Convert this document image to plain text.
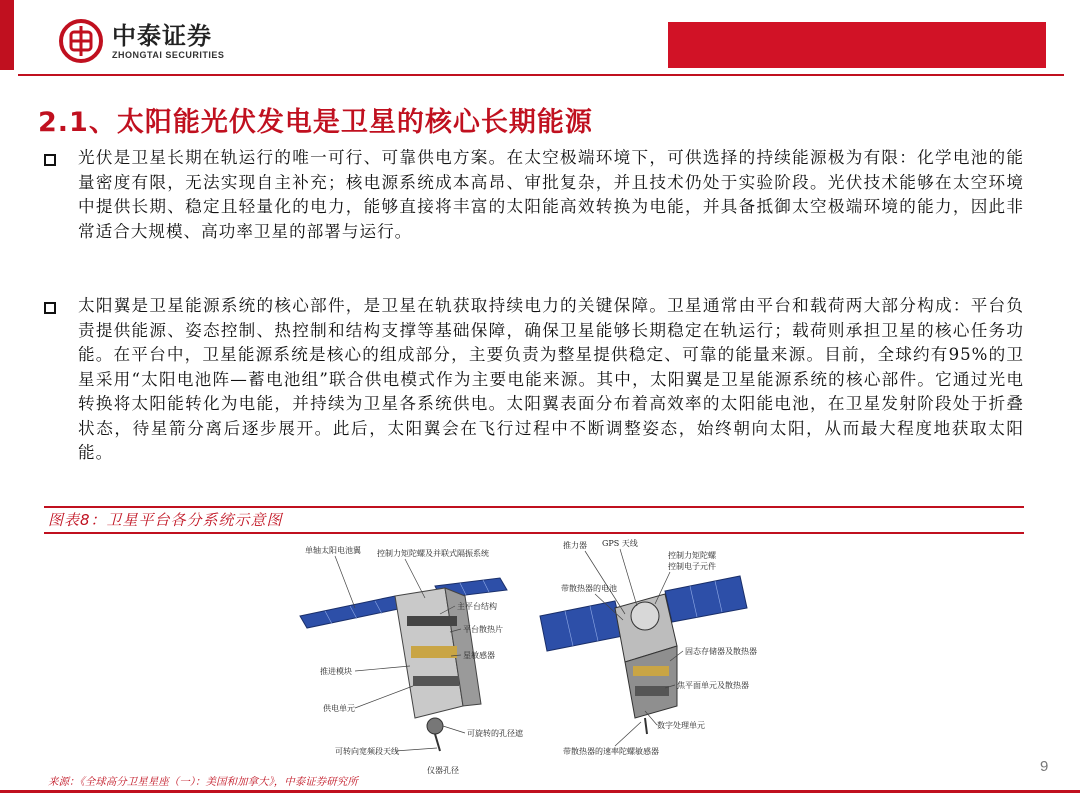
中泰证券
ZHONGTAI SECURITIES
2.1、太阳能光伏发电是卫星的核心长期能源
光伏是卫星长期在轨运行的唯一可行、可靠供电方案。在太空极端环境下，可供选择的持续能源极为有限：化学电池的能量密度有限，无法实现自主补充；核电源系统成本高昂、审批复杂，并且技术仍处于实验阶段。光伏技术能够在太空环境中提供长期、稳定且轻量化的电力，能够直接将丰富的太阳能高效转换为电能，并具备抵御太空极端环境的能力，因此非常适合大规模、高功率卫星的部署与运行。
太阳翼是卫星能源系统的核心部件，是卫星在轨获取持续电力的关键保障。卫星通常由平台和载荷两大部分构成：平台负责提供能源、姿态控制、热控制和结构支撑等基础保障，确保卫星能够长期稳定在轨运行；载荷则承担卫星的核心任务功能。在平台中，卫星能源系统是核心的组成部分，主要负责为整星提供稳定、可靠的能量来源。目前，全球约有95%的卫星采用“太阳电池阵—蓄电池组”联合供电模式作为主要电能来源。其中，太阳翼是卫星能源系统的核心部件。它通过光电转换将太阳能转化为电能，并持续为卫星各系统供电。太阳翼表面分布着高效率的太阳能电池，在卫星发射阶段处于折叠状态，待星箭分离后逐步展开。此后，太阳翼会在飞行过程中不断调整姿态，始终朝向太阳，从而最大程度地获取太阳能。
图表8：卫星平台各分系统示意图
单轴太阳电池翼 控制力矩陀螺及并联式隔振系统
主平台结构
平台散热片
星敏感器
推进模块
供电单元
可旋转的孔径遮
可转向宽频段天线
仪器孔径
推力器 GPS 天线
控制力矩陀螺
控制电子元件
带散热器的电池
固态存储器及散热器
焦平面单元及散热器
数字处理单元
带散热器的速率陀螺敏感器
来源：《全球高分卫星星座（一）：美国和加拿大》，中泰证券研究所
9
